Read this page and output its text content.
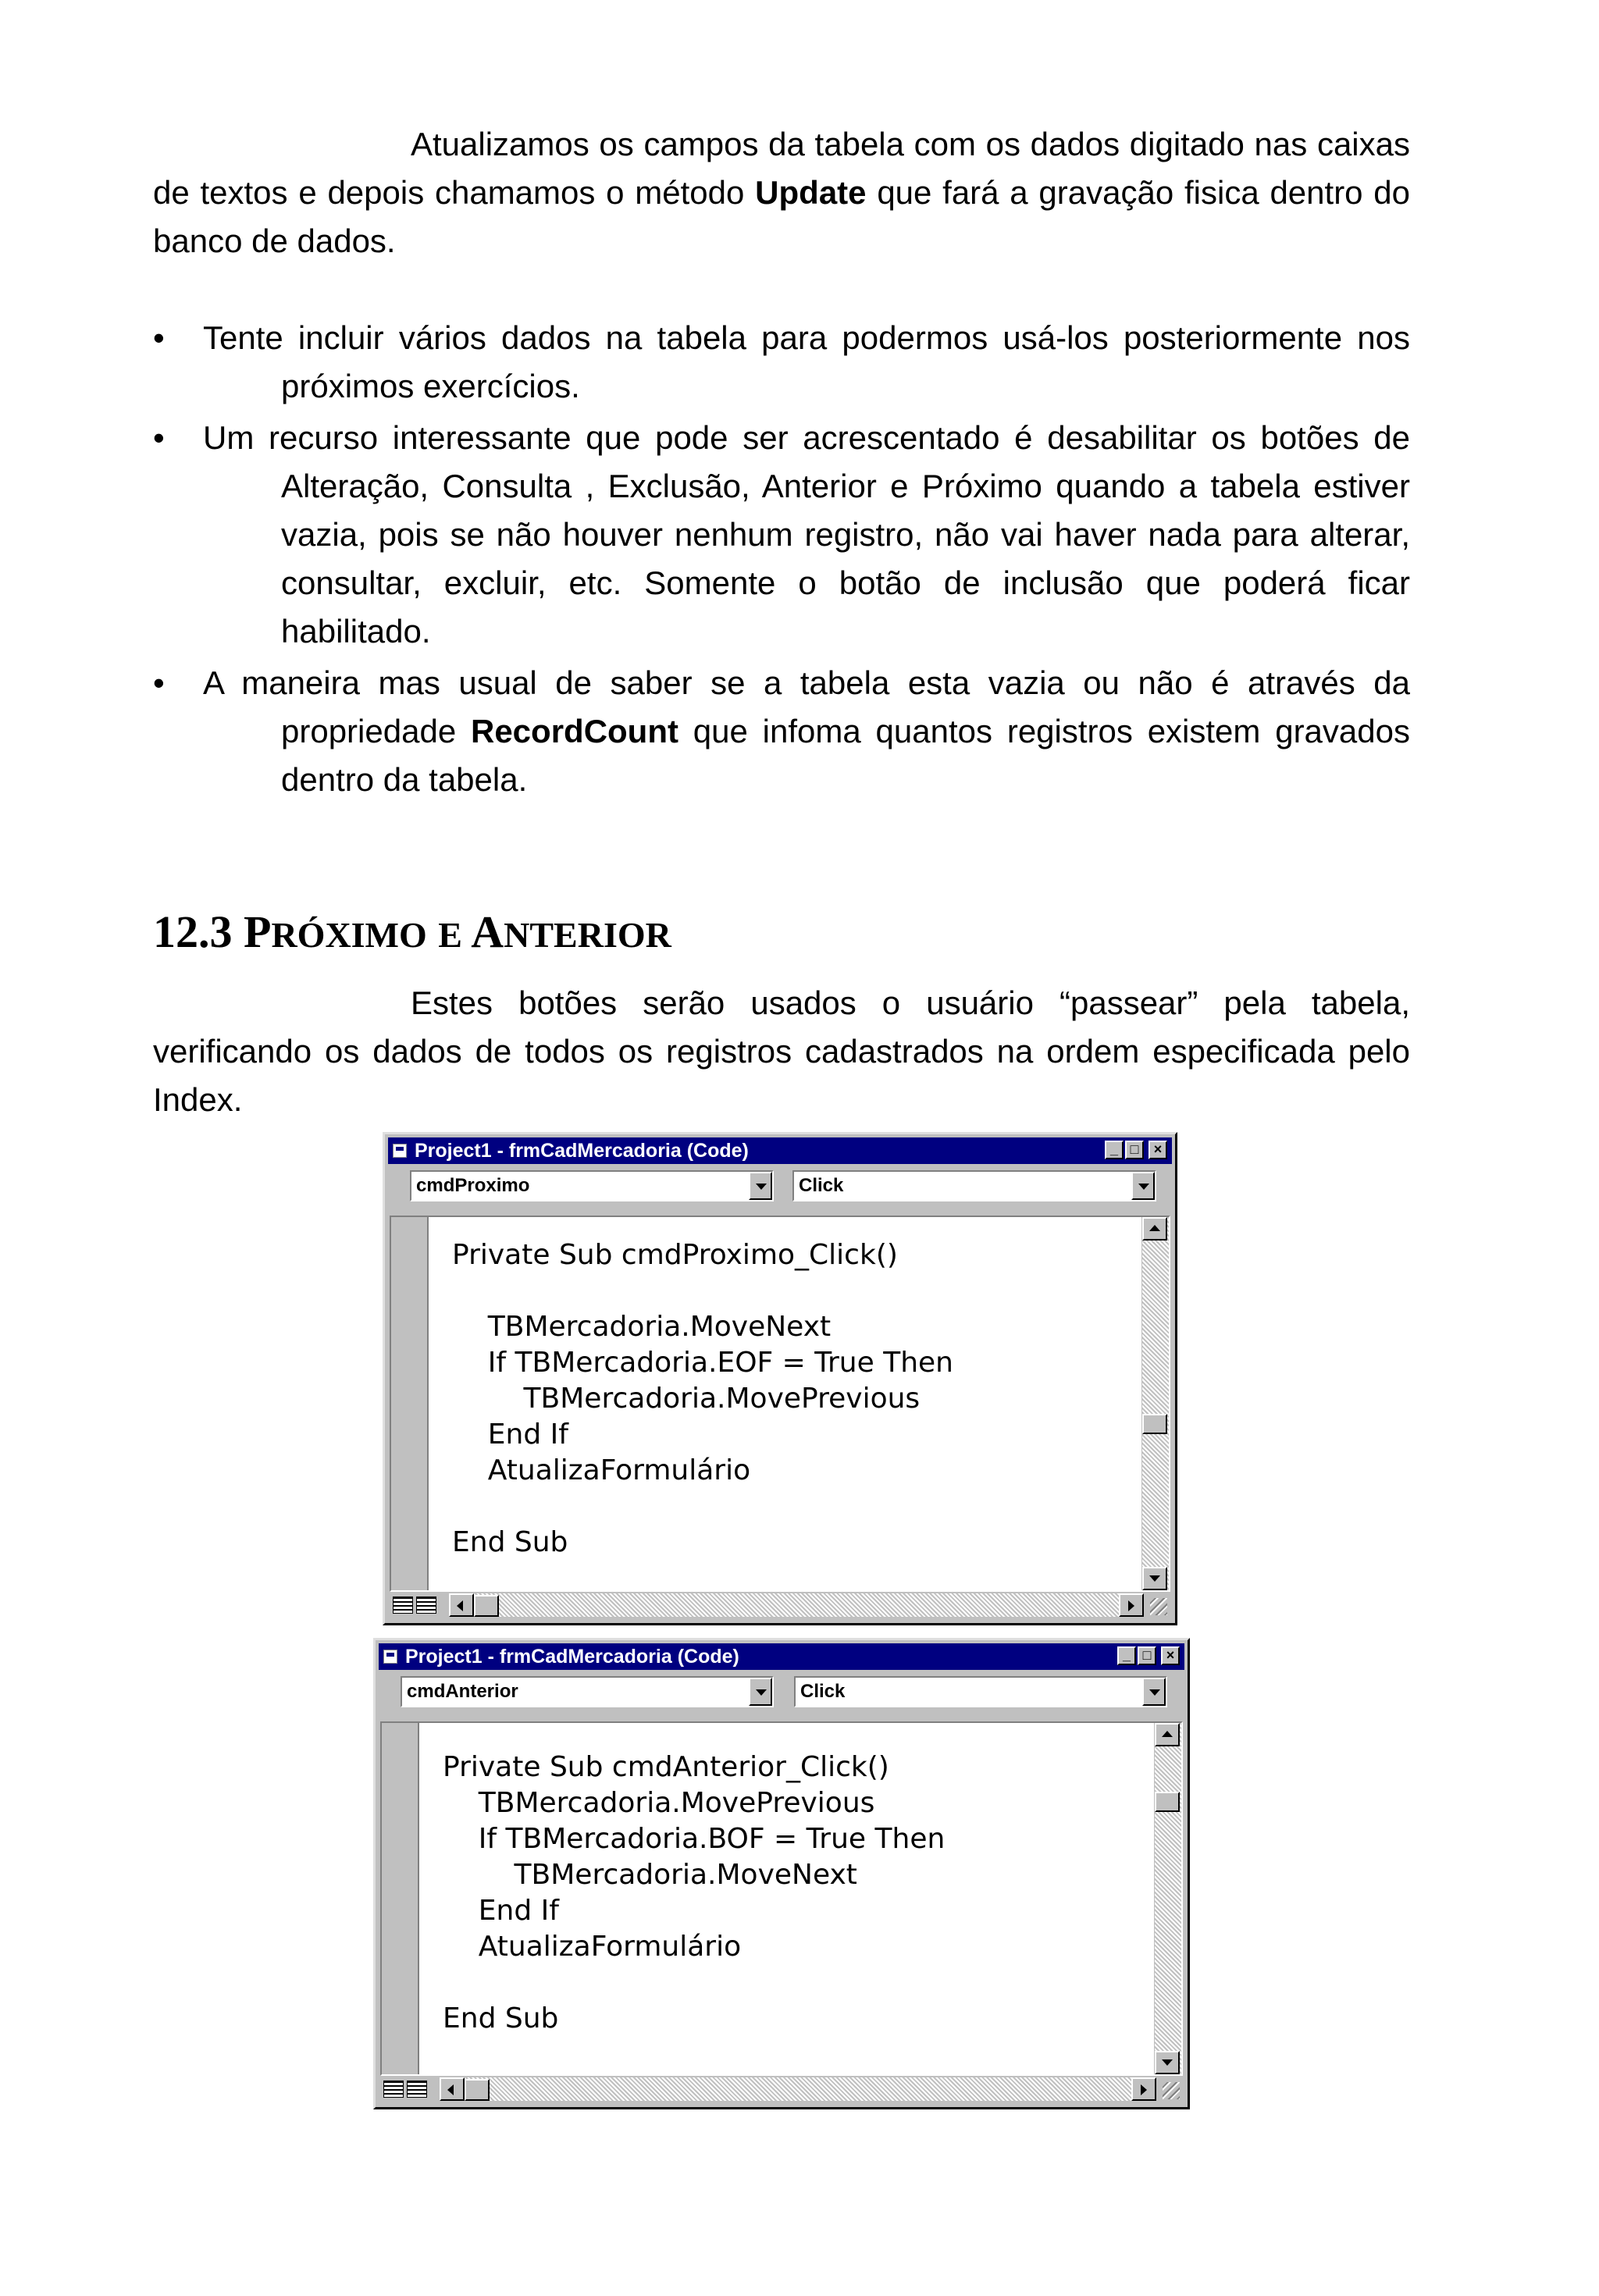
Atualizamos os campos da tabela com os dados digitado nas caixas de textos e depois chamamos o método Update que fará a gravação fisica dentro do banco de dados.

•	Tente incluir vários dados na tabela para podermos usá-los posteriormente nos próximos exercícios.
•	Um recurso interessante que pode ser acrescentado é desabilitar os botões de Alteração, Consulta , Exclusão, Anterior e Próximo quando a tabela estiver vazia, pois se não houver nenhum registro, não vai haver nada para alterar, consultar, excluir, etc. Somente o botão de inclusão que poderá ficar habilitado.
•	A maneira mas usual de saber se a tabela esta vazia ou não é através da propriedade RecordCount que infoma quantos registros existem gravados dentro da tabela.
12.3 PRÓXIMO E ANTERIOR

Estes botões serão usados o usuário “passear” pela tabela, verificando os dados de todos os registros cadastrados na ordem especificada pelo Index.

Project1 - frmCadMercadoria (Code)	_ □	×
cmdProximo	Click
Private Sub cmdProximo_Click()

TBMercadoria.MoveNext
If TBMercadoria.EOF = True Then
TBMercadoria.MovePrevious
End If
AtualizaFormulário

End Sub
Project1 - frmCadMercadoria (Code)	_ □	×
cmdAnterior	Click
Private Sub cmdAnterior_Click()
TBMercadoria.MovePrevious
If TBMercadoria.BOF = True Then
TBMercadoria.MoveNext
End If
AtualizaFormulário

End Sub
